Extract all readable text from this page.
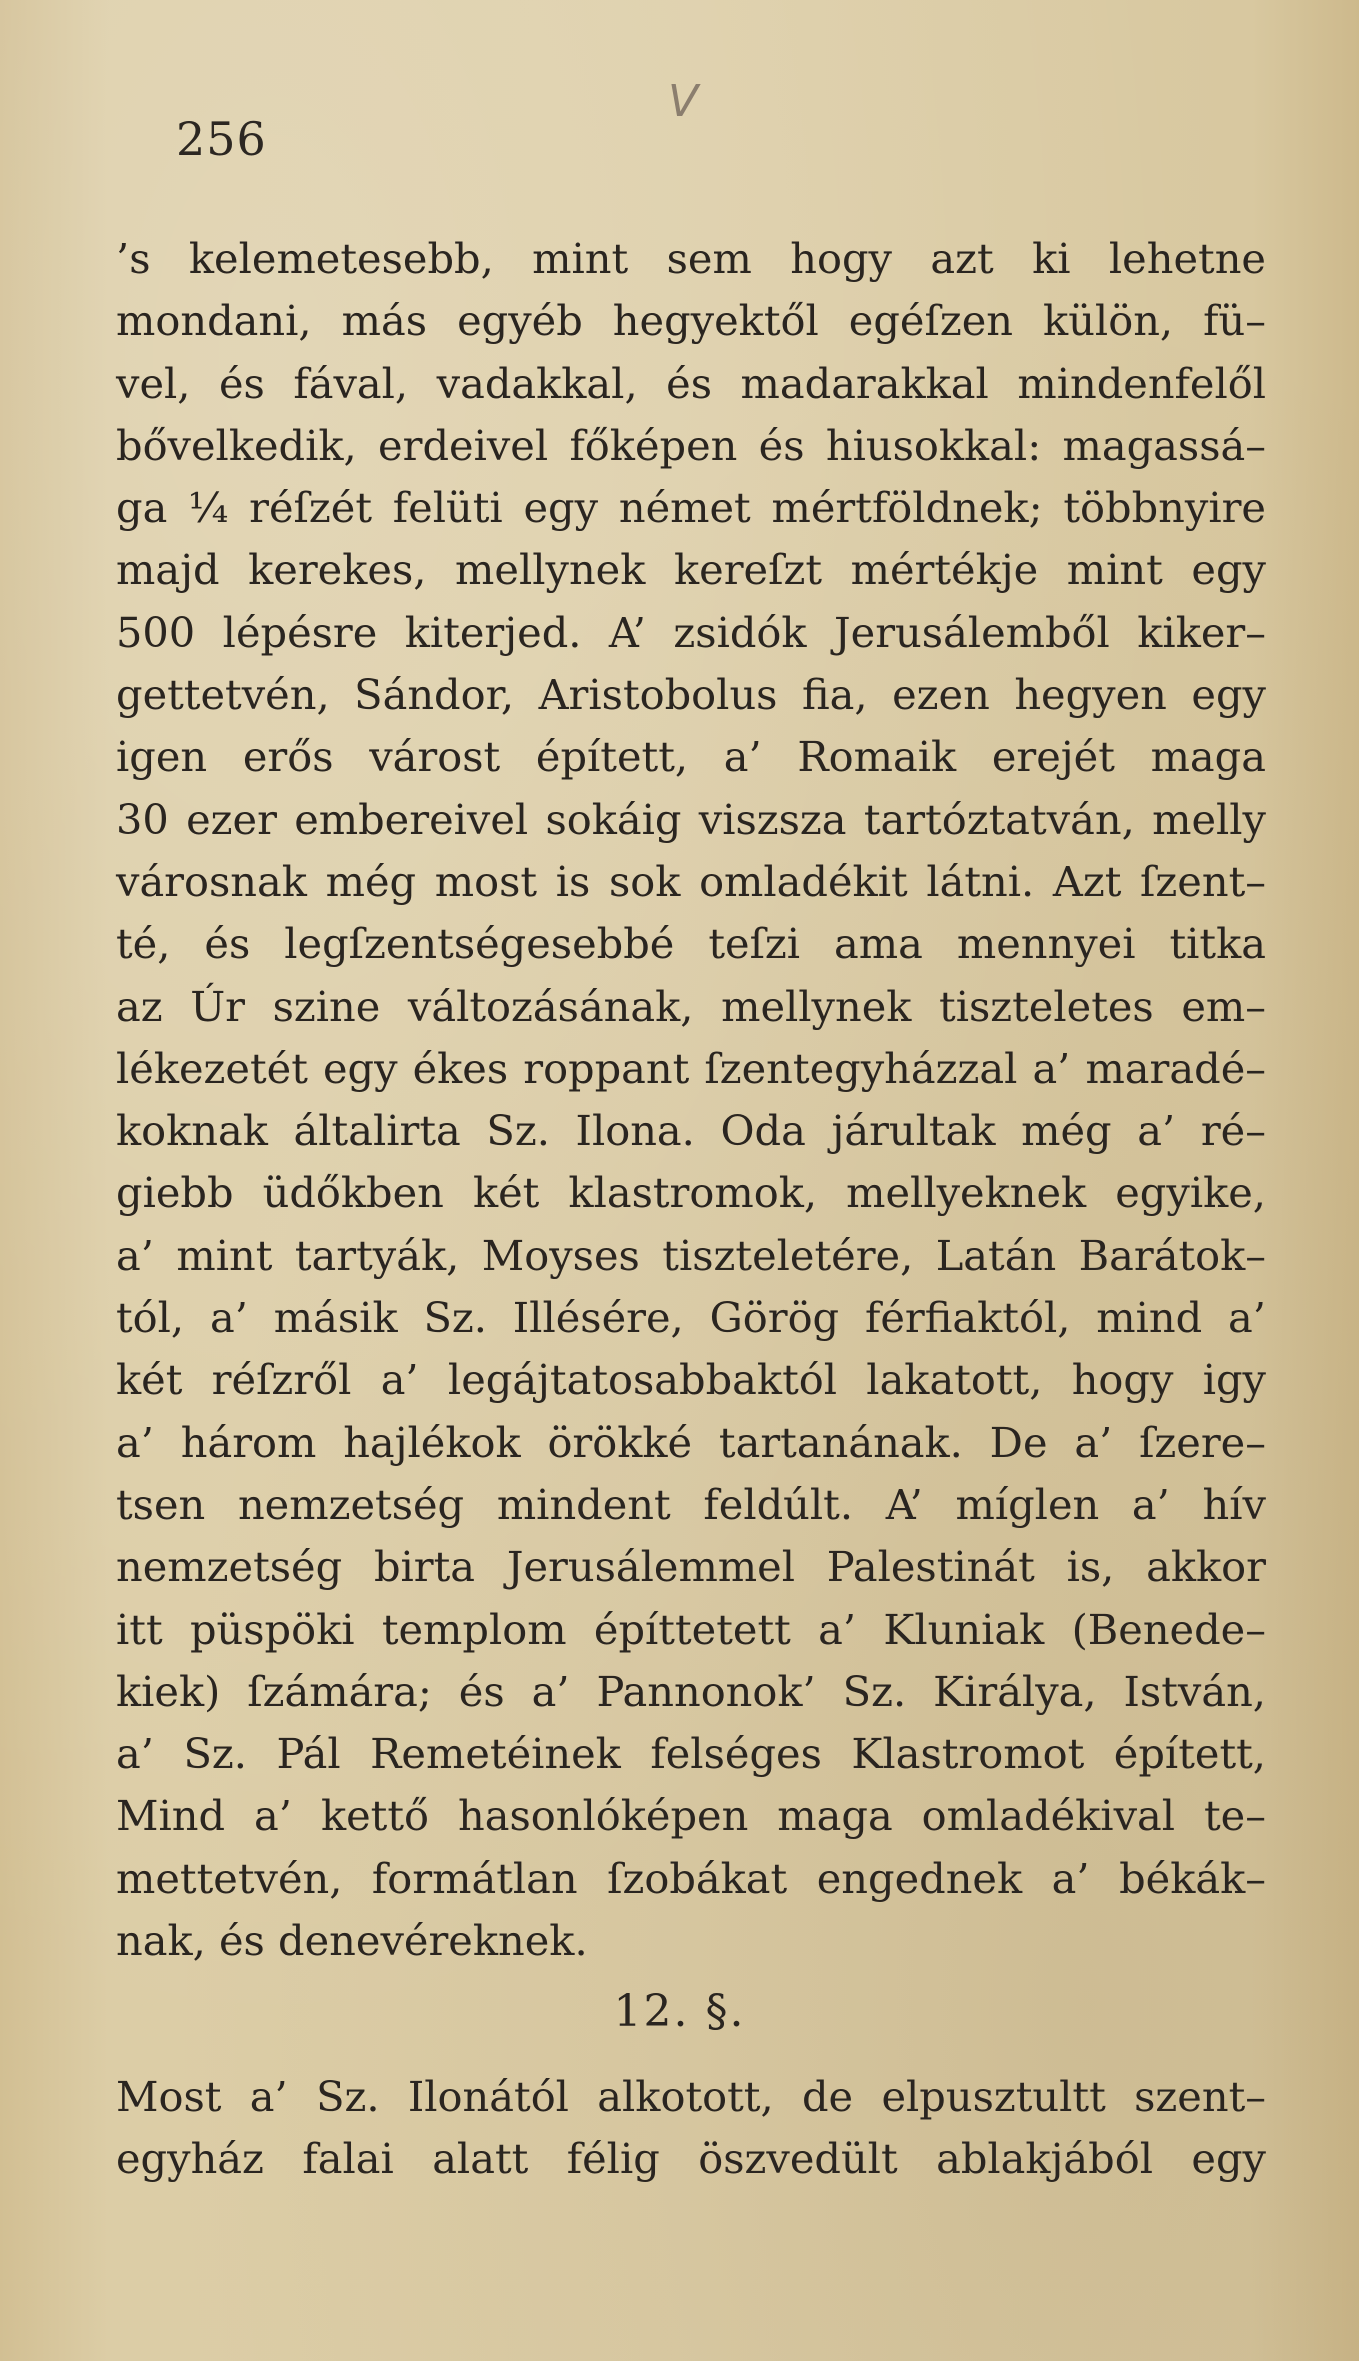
256
V
’s kelemetesebb, mint sem hogy azt ki lehetne
mondani, más egyéb hegyektől egéſzen külön, fü–
vel, és fával, vadakkal, és madarakkal mindenfelől
bővelkedik, erdeivel főképen és hiusokkal: magassá–
ga ¼ réſzét felüti egy német mértföldnek; többnyire
majd kerekes, mellynek kereſzt mértékje mint egy
500 lépésre kiterjed. A’ zsidók Jerusálemből kiker–
gettetvén, Sándor, Aristobolus fia, ezen hegyen egy
igen erős várost épített, a’ Romaik erejét maga
30 ezer embereivel sokáig viszsza tartóztatván, melly
városnak még most is sok omladékit látni. Azt ſzent–
té, és legſzentségesebbé teſzi ama mennyei titka
az Úr szine változásának, mellynek tiszteletes em–
lékezetét egy ékes roppant ſzentegyházzal a’ maradé–
koknak általirta Sz. Ilona. Oda járultak még a’ ré–
giebb üdőkben két klastromok, mellyeknek egyike,
a’ mint tartyák, Moyses tiszteletére, Latán Barátok–
tól, a’ másik Sz. Illésére, Görög férfiaktól, mind a’
két réſzről a’ legájtatosabbaktól lakatott, hogy igy
a’ három hajlékok örökké tartanának. De a’ ſzere–
tsen nemzetség mindent feldúlt. A’ míglen a’ hív
nemzetség birta Jerusálemmel Palestinát is, akkor
itt püspöki templom építtetett a’ Kluniak (Benede–
kiek) ſzámára; és a’ Pannonok’ Sz. Királya, István,
a’ Sz. Pál Remetéinek felséges Klastromot épített,
Mind a’ kettő hasonlóképen maga omladékival te–
mettetvén, formátlan ſzobákat engednek a’ békák–
nak, és denevéreknek.
12. §.
Most a’ Sz. Ilonától alkotott, de elpusztultt szent–
egyház falai alatt félig öszvedült ablakjából egy
